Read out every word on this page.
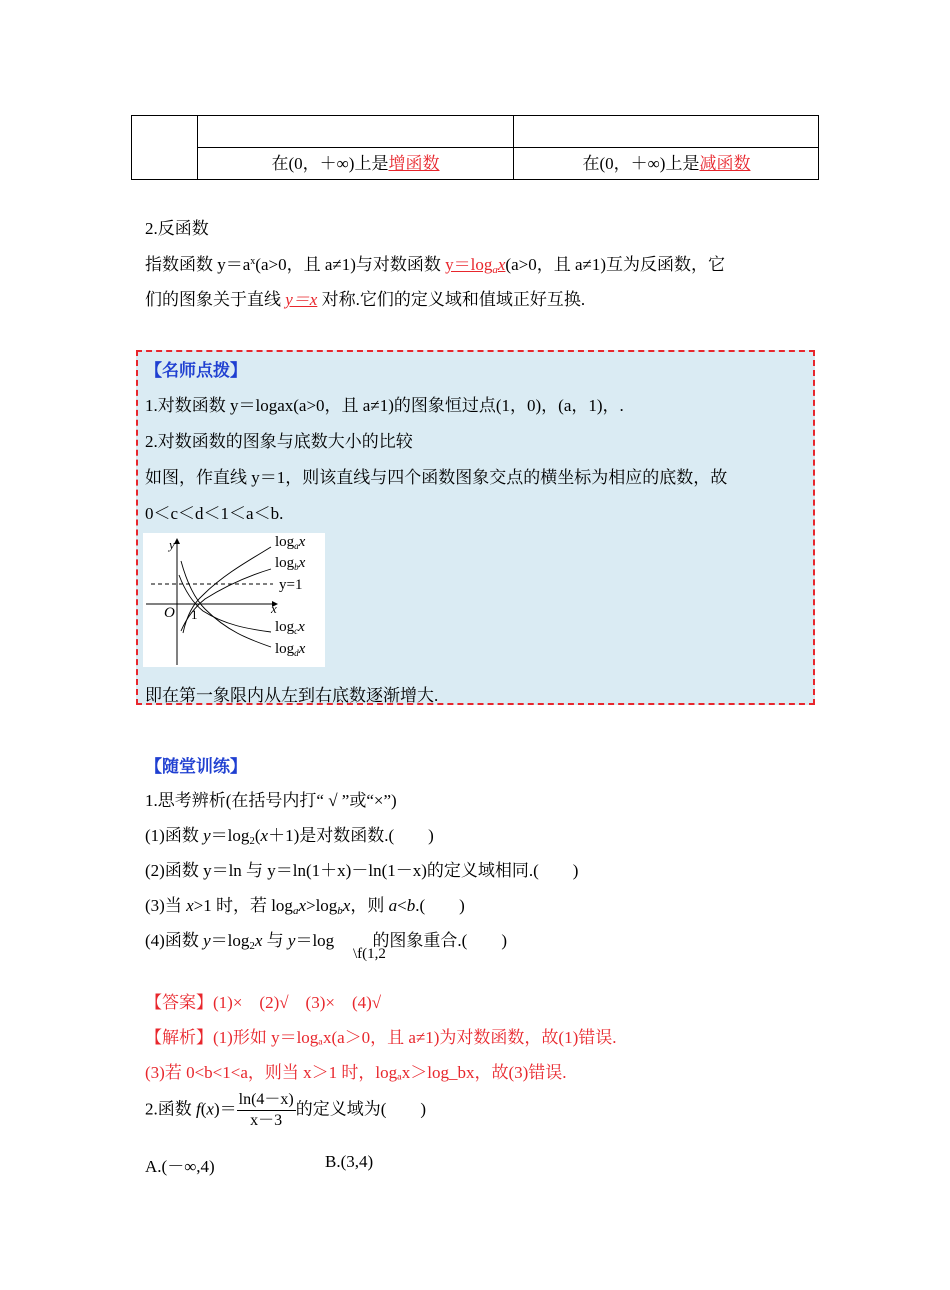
在(0，＋∞)上是增函数	在(0，＋∞)上是减函数
2.反函数
指数函数 $y=a^x(a>0$，且 a≠1)与对数函数 $y=\log_ax(a>0$，且 a≠1)互为反函数，它
们的图象关于直线 y＝x 对称.它们的定义域和值域正好互换.
【名师点拨】
1.对数函数 y＝logax(a>0，且 a≠1)的图象恒过点(1，0)，(a，1)，.
2.对数函数的图象与底数大小的比较
如图，作直线 y＝1，则该直线与四个函数图象交点的横坐标为相应的底数，故
0＜c＜d＜1＜a＜b.
y
x
O 1
y=1
$\log_ax$
$\log_bx$
$\log_cx$
$\log_dx$
即在第一象限内从左到右底数逐渐增大.
【随堂训练】
1.思考辨析(在括号内打“ √ ”或“×”)
(1)函数 $y=\log_2(x+1)$是对数函数.(　　)
(2)函数 y＝ln 与 y＝ln(1＋x)－ln(1－x)的定义域相同.(　　)
(3)当 x>1 时，若 $\log_ax>\log_bx$，则 a<b.(　　)
(4)函数 $y=\log_2x$ 与 y＝log 的图象重合.(　　)
\f(1,2
【答案】(1)×　(2)√　(3)×　(4)√
【解析】(1)形如 y＝logₐx(a＞0，且 a≠1)为对数函数，故(1)错误.
(3)若 0<b<1<a，则当 x＞1 时，logₐx＞log_bx，故(3)错误.
2.函数 $f(x)= \frac{\ln(4-x)}{x-3}$ 的定义域为(　　)
A.(－∞,4)	B.(3,4)
